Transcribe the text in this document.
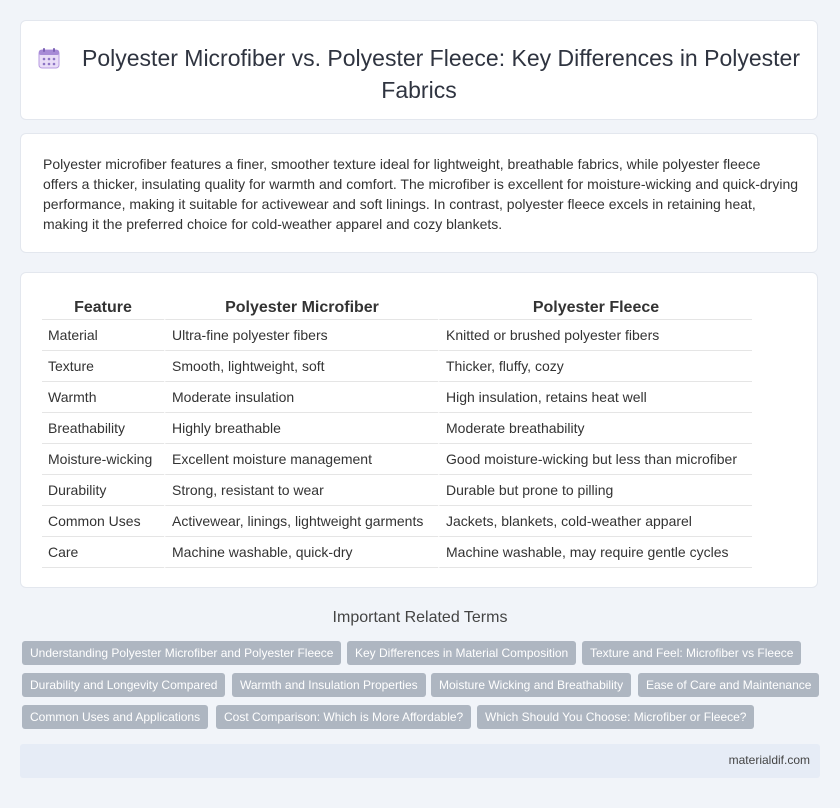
Polyester Microfiber vs. Polyester Fleece: Key Differences in Polyester Fabrics

Polyester microfiber features a finer, smoother texture ideal for lightweight, breathable fabrics, while polyester fleece offers a thicker, insulating quality for warmth and comfort. The microfiber is excellent for moisture-wicking and quick-drying performance, making it suitable for activewear and soft linings. In contrast, polyester fleece excels in retaining heat, making it the preferred choice for cold-weather apparel and cozy blankets.

Feature	Polyester Microfiber	Polyester Fleece
Material	Ultra-fine polyester fibers	Knitted or brushed polyester fibers
Texture	Smooth, lightweight, soft	Thicker, fluffy, cozy
Warmth	Moderate insulation	High insulation, retains heat well
Breathability	Highly breathable	Moderate breathability
Moisture-wicking	Excellent moisture management	Good moisture-wicking but less than microfiber
Durability	Strong, resistant to wear	Durable but prone to pilling
Common Uses	Activewear, linings, lightweight garments	Jackets, blankets, cold-weather apparel
Care	Machine washable, quick-dry	Machine washable, may require gentle cycles
Important Related Terms
Understanding Polyester Microfiber and Polyester Fleece	Key Differences in Material Composition	Texture and Feel: Microfiber vs Fleece
Durability and Longevity Compared	Warmth and Insulation Properties	Moisture Wicking and Breathability	Ease of Care and Maintenance
Common Uses and Applications	Cost Comparison: Which is More Affordable?	Which Should You Choose: Microfiber or Fleece?
materialdif.com
